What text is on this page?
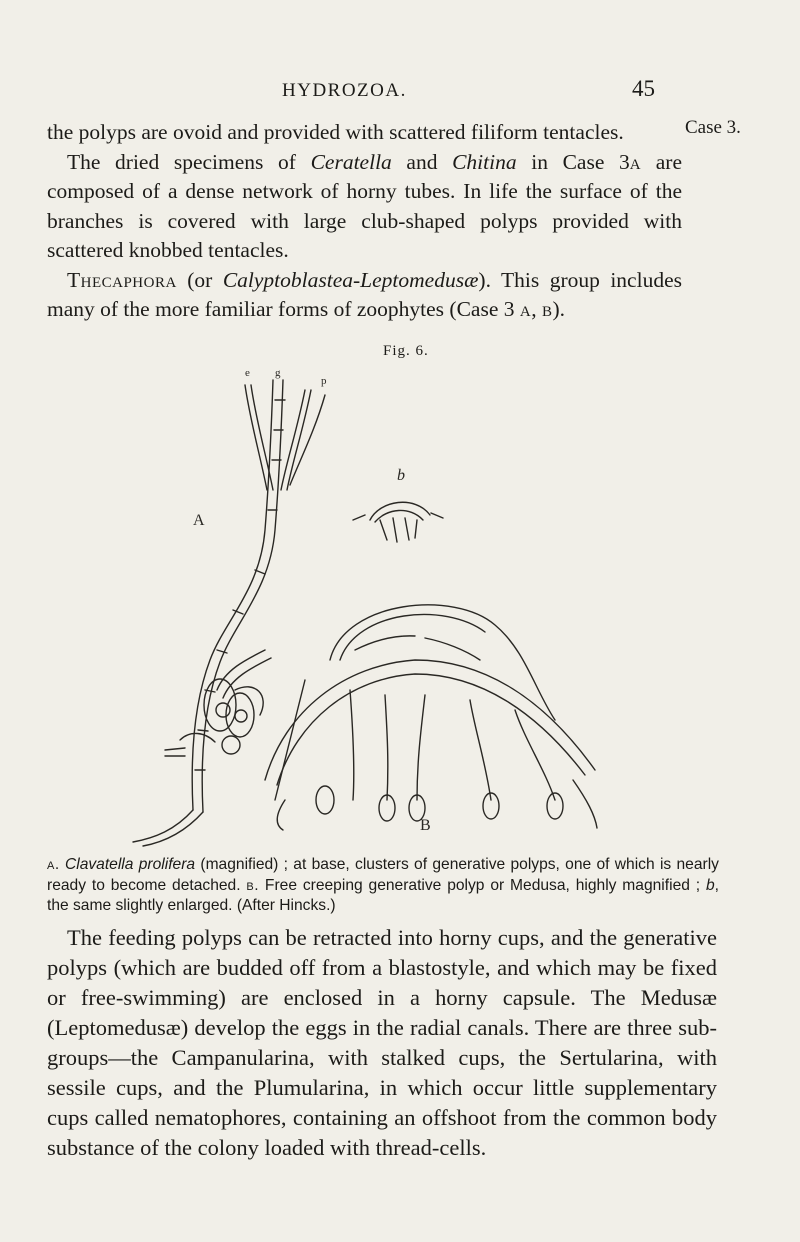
HYDROZOA.	45
Case 3.

the polyps are ovoid and provided with scattered filiform tentacles.

The dried specimens of Ceratella and Chitina in Case 3a are composed of a dense network of horny tubes. In life the surface of the branches is covered with large club-shaped polyps provided with scattered knobbed tentacles.

Thecaphora (or Calyptoblastea-Leptomedusæ). This group includes many of the more familiar forms of zoophytes (Case 3 a, b).

Fig. 6.
A
b
B
e g
p
a. Clavatella prolifera (magnified) ; at base, clusters of generative polyps, one of which is nearly ready to become detached. b. Free creeping generative polyp or Medusa, highly magnified ; b, the same slightly enlarged. (After Hincks.)

The feeding polyps can be retracted into horny cups, and the generative polyps (which are budded off from a blastostyle, and which may be fixed or free-swimming) are enclosed in a horny capsule. The Medusæ (Leptomedusæ) develop the eggs in the radial canals. There are three sub-groups—the Campanularina, with stalked cups, the Sertularina, with sessile cups, and the Plumularina, in which occur little supplementary cups called nematophores, containing an offshoot from the common body substance of the colony loaded with thread-cells.
